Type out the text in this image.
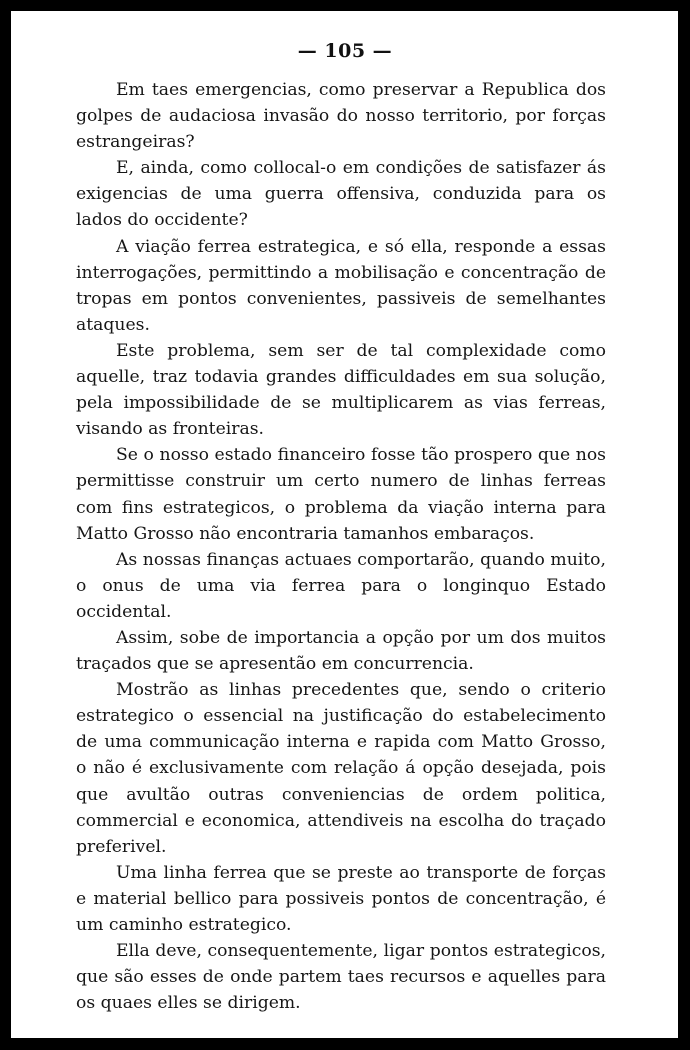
— 105 —

Em taes emergencias, como preservar a Republica dos golpes de audaciosa invasão do nosso territorio, por forças estrangeiras?

E, ainda, como collocal-o em condições de satisfazer ás exigencias de uma guerra offensiva, conduzida para os lados do occidente?

A viação ferrea estrategica, e só ella, responde a essas interrogações, permittindo a mobilisação e concentração de tropas em pontos convenientes, passiveis de semelhantes ataques.

Este problema, sem ser de tal complexidade como aquelle, traz todavia grandes difficuldades em sua solução, pela impossibilidade de se multiplicarem as vias ferreas, visando as fronteiras.

Se o nosso estado financeiro fosse tão prospero que nos permittisse construir um certo numero de linhas ferreas com fins estrategicos, o problema da viação interna para Matto Grosso não encontraria tamanhos embaraços.

As nossas finanças actuaes comportarão, quando muito, o onus de uma via ferrea para o longinquo Estado occidental.

Assim, sobe de importancia a opção por um dos muitos traçados que se apresentão em concurrencia.

Mostrão as linhas precedentes que, sendo o criterio estrategico o essencial na justificação do estabelecimento de uma communicação interna e rapida com Matto Grosso, o não é exclusivamente com relação á opção desejada, pois que avultão outras conveniencias de ordem politica, commercial e economica, attendiveis na escolha do traçado preferivel.

Uma linha ferrea que se preste ao transporte de forças e material bellico para possiveis pontos de concentração, é um caminho estrategico.

Ella deve, consequentemente, ligar pontos estrategicos, que são esses de onde partem taes recursos e aquelles para os quaes elles se dirigem.
